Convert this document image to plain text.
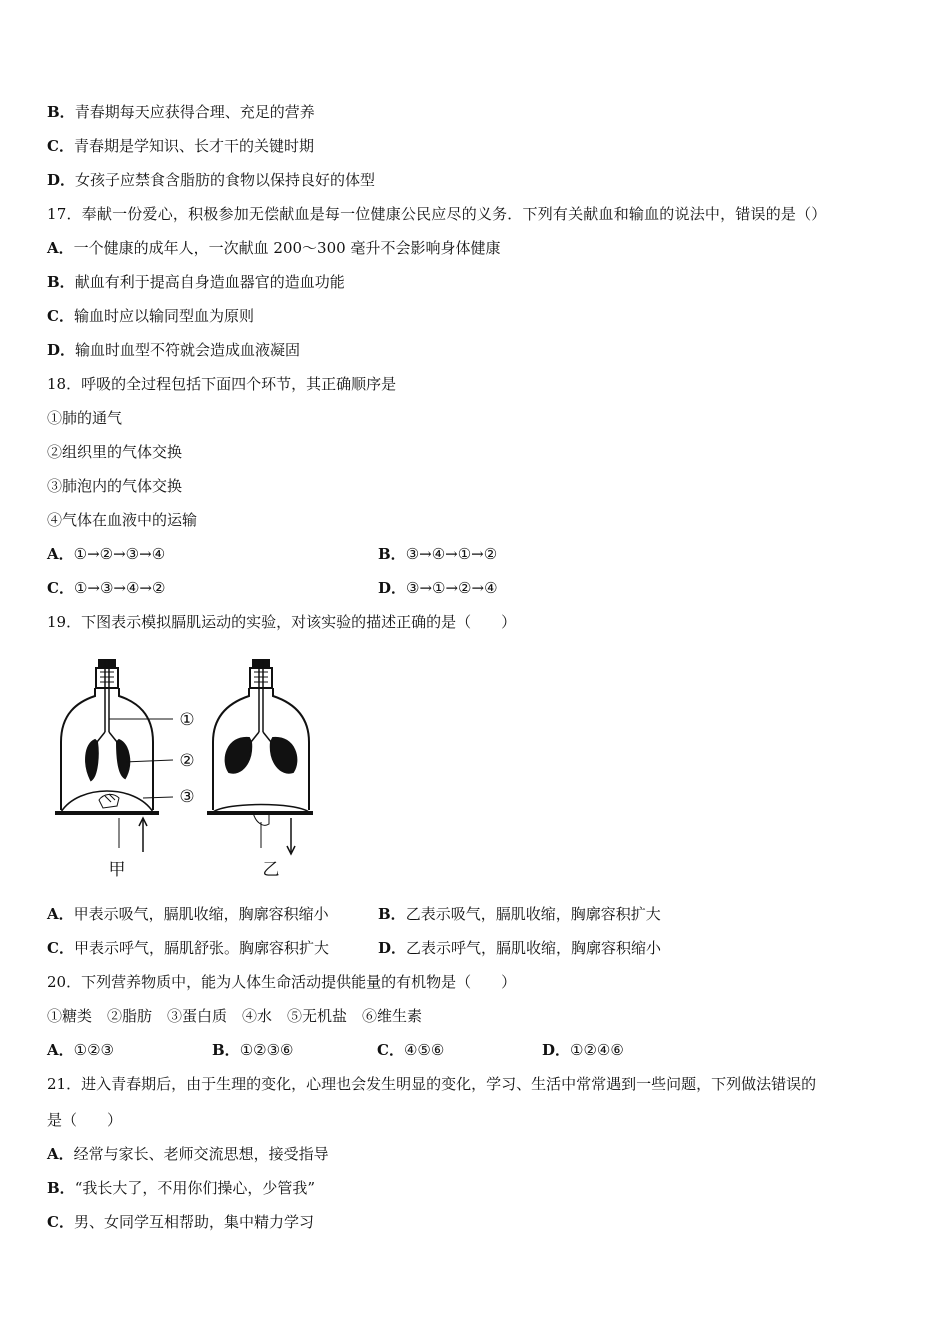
B．青春期每天应获得合理、充足的营养
C．青春期是学知识、长才干的关键时期
D．女孩子应禁食含脂肪的食物以保持良好的体型
17．奉献一份爱心，积极参加无偿献血是每一位健康公民应尽的义务．下列有关献血和输血的说法中，错误的是（）
A．一个健康的成年人，一次献血 200～300 毫升不会影响身体健康
B．献血有利于提高自身造血器官的造血功能
C．输血时应以输同型血为原则
D．输血时血型不符就会造成血液凝固
18．呼吸的全过程包括下面四个环节，其正确顺序是
①肺的通气
②组织里的气体交换
③肺泡内的气体交换
④气体在血液中的运输
A．①→②→③→④	B．③→④→①→②
C．①→③→④→②	D．③→①→②→④
19．下图表示模拟膈肌运动的实验，对该实验的描述正确的是（　　）
①
②
③
甲	乙
A．甲表示吸气，膈肌收缩，胸廓容积缩小	B．乙表示吸气，膈肌收缩，胸廓容积扩大
C．甲表示呼气，膈肌舒张。胸廓容积扩大	D．乙表示呼气，膈肌收缩，胸廓容积缩小
20．下列营养物质中，能为人体生命活动提供能量的有机物是（　　）
①糖类　②脂肪　③蛋白质　④水　⑤无机盐　⑥维生素
A．①②③	B．①②③⑥	C．④⑤⑥	D．①②④⑥
21．进入青春期后，由于生理的变化，心理也会发生明显的变化，学习、生活中常常遇到一些问题，下列做法错误的
是（　　）
A．经常与家长、老师交流思想，接受指导
B．“我长大了，不用你们操心，少管我”
C．男、女同学互相帮助，集中精力学习
